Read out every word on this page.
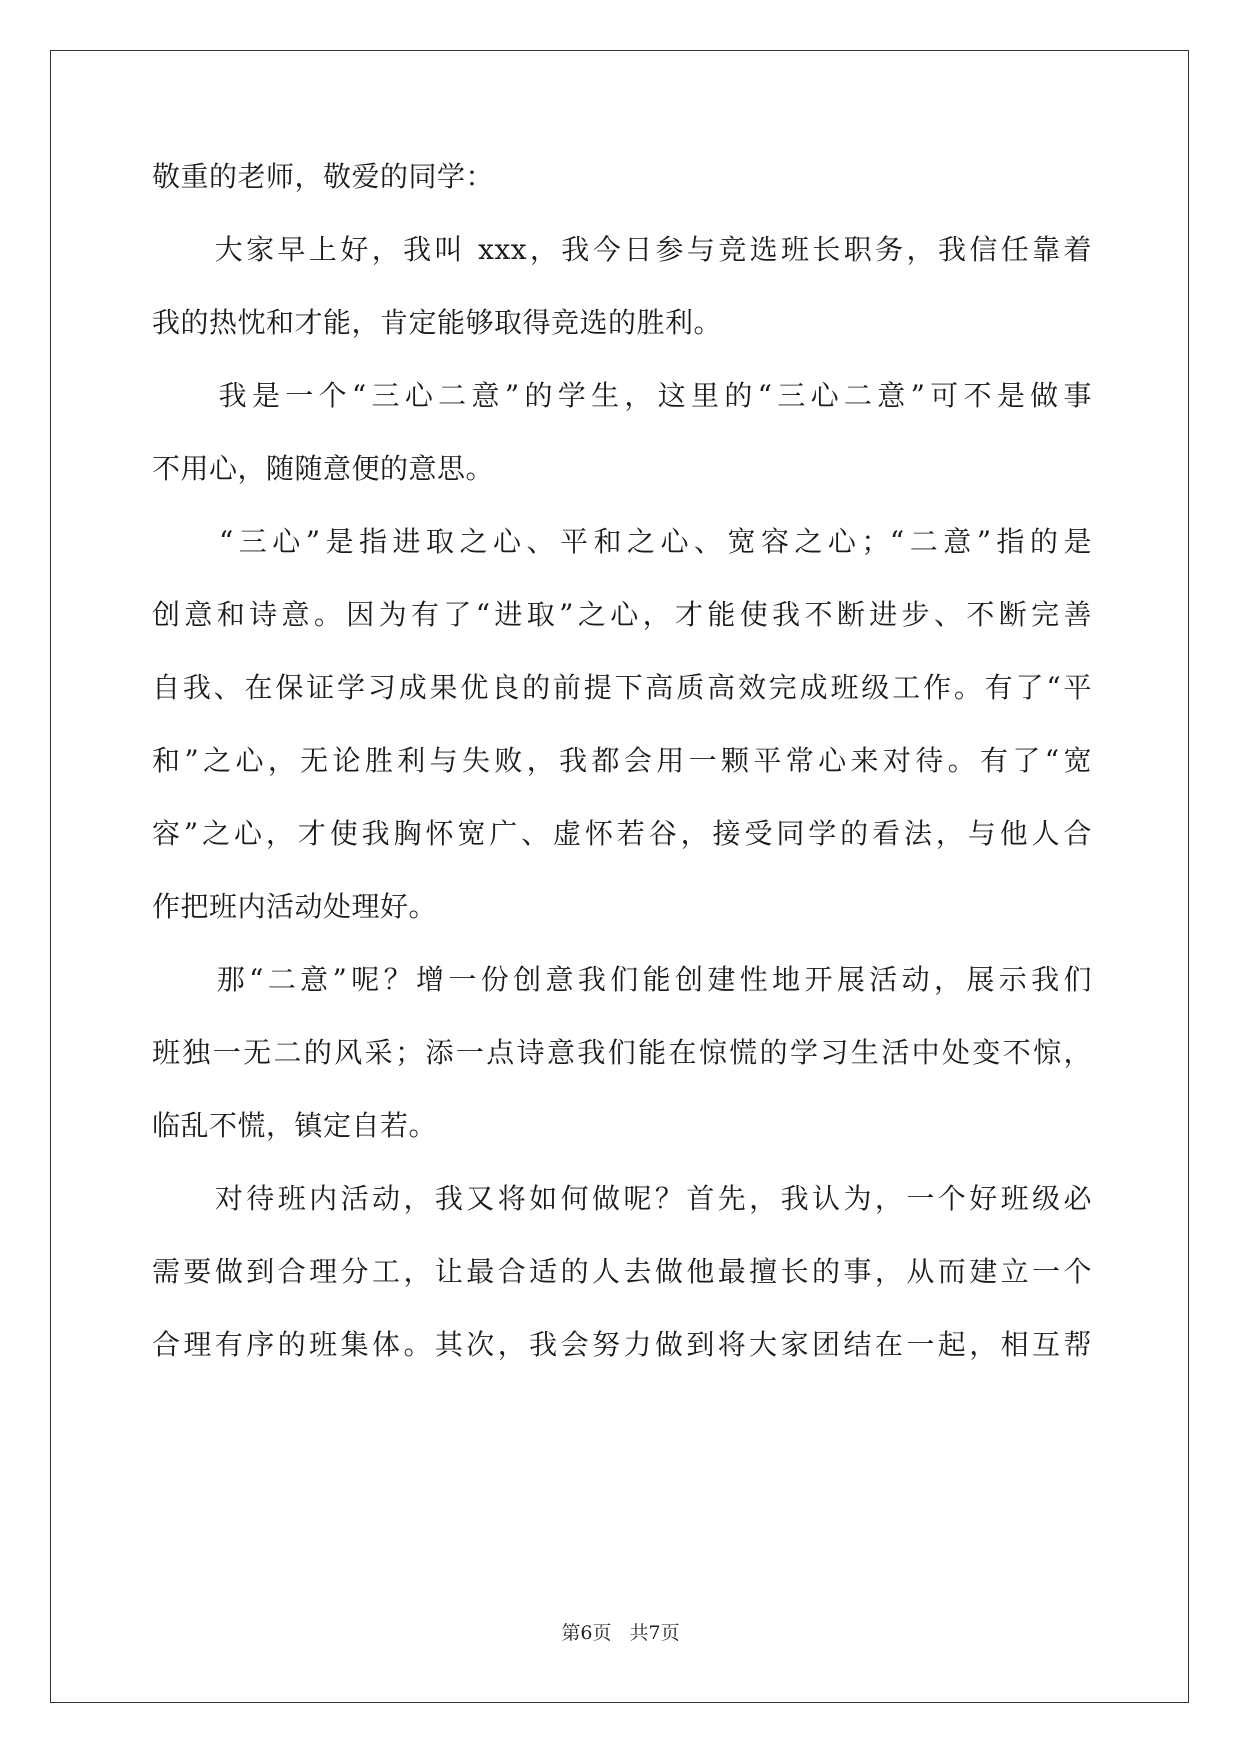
敬重的老师，敬爱的同学：
　　大家早上好，我叫 xxx，我今日参与竞选班长职务，我信任靠着
我的热忱和才能，肯定能够取得竞选的胜利。
　　我是一个“三心二意”的学生，这里的“三心二意”可不是做事
不用心，随随意便的意思。
　　“三心”是指进取之心、平和之心、宽容之心；“二意”指的是
创意和诗意。因为有了“进取”之心，才能使我不断进步、不断完善
自我、在保证学习成果优良的前提下高质高效完成班级工作。有了“平
和”之心，无论胜利与失败，我都会用一颗平常心来对待。有了“宽
容”之心，才使我胸怀宽广、虚怀若谷，接受同学的看法，与他人合
作把班内活动处理好。
　　那“二意”呢？增一份创意我们能创建性地开展活动，展示我们
班独一无二的风采；添一点诗意我们能在惊慌的学习生活中处变不惊，
临乱不慌，镇定自若。
　　对待班内活动，我又将如何做呢？首先，我认为，一个好班级必
需要做到合理分工，让最合适的人去做他最擅长的事，从而建立一个
合理有序的班集体。其次，我会努力做到将大家团结在一起，相互帮
第6页 共7页
